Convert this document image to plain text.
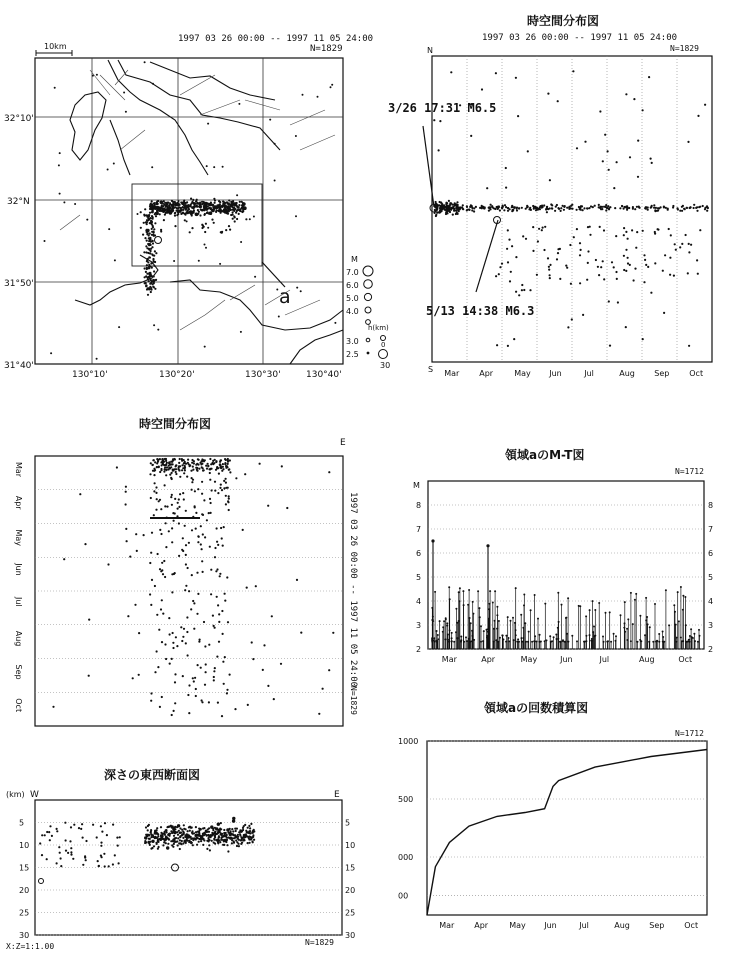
1997 03 26 00:00 -- 1997 11 05 24:00
N=1829
10km
a
32°10'
32°N
31°50'
31°40'
130°10'	130°20'	130°30'	130°40'
M
7.0
6.0
5.0
4.0
3.0
2.5
h(km)
0
30
時空間分布図
1997 03 26 00:00 -- 1997 11 05 24:00
N=1829
N
S Mar Apr	May Jun	Jul	Aug Sep Oct
3/26 17:31 M6.5
5/13 14:38 M6.3
時空間分布図
E
1997 03 26 00:00 -- 1997 11 05 24:00
N=1829
Mar
Apr
May
Jun
Jul
Aug
Sep
Oct
領域aのM-T図
N=1712
M
2	2
3	3
4	4
5	5
6	6
7	7
8	8
Mar	Apr	May	Jun	Jul	Aug	Oct
深さの東西断面図
(km) W	E
5	5
10	10
15	15
20	20
25	25
30	30
X:Z=1:1.00	N=1829
領域aの回数積算図
N=1712
1000
500
000
00
Mar Apr	May Jun	Jul	Aug Sep Oct
